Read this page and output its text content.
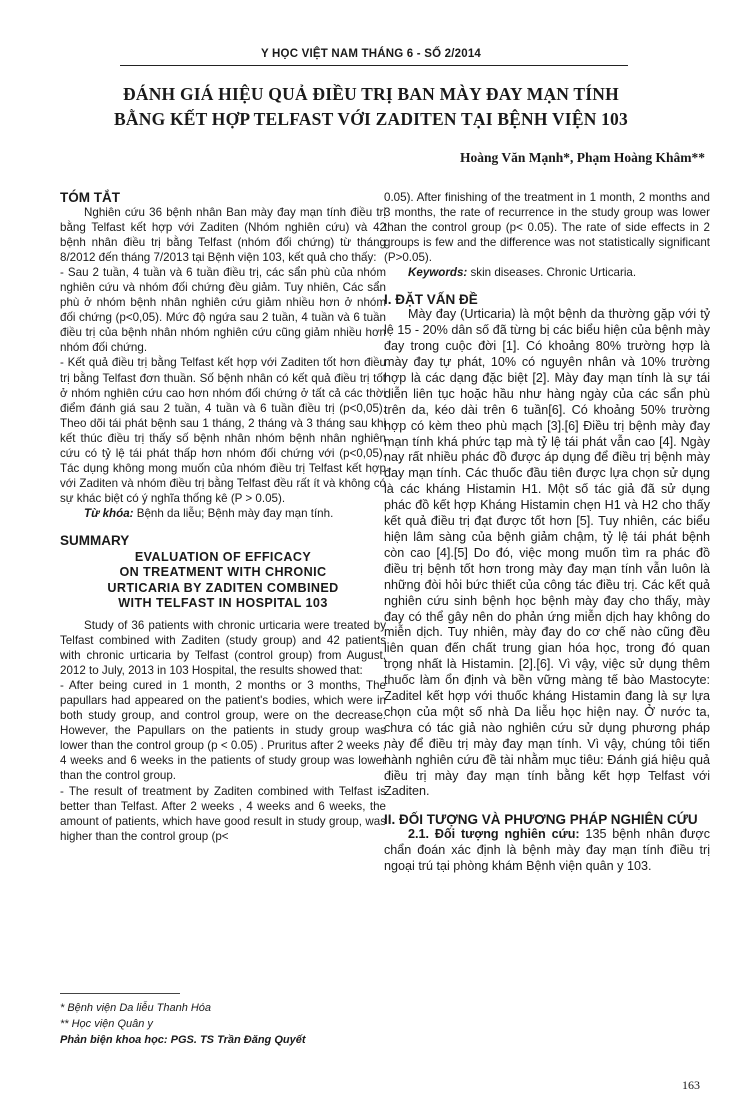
Y HỌC VIỆT NAM THÁNG 6 - SỐ 2/2014
ĐÁNH GIÁ HIỆU QUẢ ĐIỀU TRỊ BAN MÀY ĐAY MẠN TÍNH
BẰNG KẾT HỢP TELFAST VỚI ZADITEN TẠI BỆNH VIỆN 103
Hoàng Văn Mạnh*, Phạm Hoàng Khâm**
TÓM TẮT

Nghiên cứu 36 bệnh nhân Ban mày đay mạn tính điều trị bằng Telfast kết hợp với Zaditen (Nhóm nghiên cứu) và 42 bệnh nhân điều trị bằng Telfast (nhóm đối chứng) từ tháng 8/2012 đến tháng 7/2013 tại Bệnh viện 103, kết quả cho thấy:

- Sau 2 tuần, 4 tuần và 6 tuần điều trị, các sẩn phù của nhóm nghiên cứu và nhóm đối chứng đều giảm. Tuy nhiên, Các sẩn phù ở nhóm bệnh nhân nghiên cứu giảm nhiều hơn ở nhóm đối chứng (p<0,05). Mức độ ngứa sau 2 tuần, 4 tuần và 6 tuần điều trị của bệnh nhân nhóm nghiên cứu cũng giảm nhiều hơn nhóm đối chứng.

- Kết quả điều trị bằng Telfast kết hợp với Zaditen tốt hơn điều trị bằng Telfast đơn thuần. Số bệnh nhân có kết quả điều trị tốt ở nhóm nghiên cứu cao hơn nhóm đối chứng ở tất cả các thời điểm đánh giá sau 2 tuần, 4 tuần và 6 tuần điều trị (p<0,05). Theo dõi tái phát bệnh sau 1 tháng, 2 tháng và 3 tháng sau khi kết thúc điều trị thấy số bệnh nhân nhóm bệnh nhân nghiên cứu có tỷ lệ tái phát thấp hơn nhóm đối chứng với (p<0,05). Tác dụng không mong muốn của nhóm điều trị Telfast kết hợp với Zaditen và nhóm điều trị bằng Telfast đều rất ít và không có sự khác biệt có ý nghĩa thống kê (P > 0.05).

Từ khóa: Bệnh da liễu; Bệnh mày đay mạn tính.

SUMMARY
EVALUATION OF EFFICACY
ON TREATMENT WITH CHRONIC
URTICARIA BY ZADITEN COMBINED
WITH TELFAST IN HOSPITAL 103

Study of 36 patients with chronic urticaria were treated by Telfast combined with Zaditen (study group) and 42 patients with chronic urticaria by Telfast (control group) from August, 2012 to July, 2013 in 103 Hospital, the results showed that:

- After being cured in 1 month, 2 months or 3 months, The papullars had appeared on the patient's bodies, which were in both study group, and control group, were on the decrease. However, the Papullars on the patients in study group was lower than the control group (p < 0.05) . Pruritus after 2 weeks , 4 weeks and 6 weeks in the patients of study group was lower than the control group.

- The result of treatment by Zaditen combined with Telfast is better than Telfast. After 2 weeks , 4 weeks and 6 weeks, the amount of patients, which have good result in study group, was higher than the control group (p<

0.05). After finishing of the treatment in 1 month, 2 months and 3 months, the rate of recurrence in the study group was lower than the control group (p< 0.05). The rate of side effects in 2 groups is few and the difference was not statistically significant (P>0.05).

Keywords: skin diseases. Chronic Urticaria.

I. ĐẶT VẤN ĐỀ

Mày đay (Urticaria) là một bệnh da thường gặp với tỷ lệ 15 - 20% dân số đã từng bị các biểu hiện của bệnh mày đay trong cuộc đời [1]. Có khoảng 80% trường hợp là mày đay tự phát, 10% có nguyên nhân và 10% trường hợp là các dạng đặc biệt [2]. Mày đay mạn tính là sự tái diễn liên tục hoặc hầu như hàng ngày của các sẩn phù trên da, kéo dài trên 6 tuần[6]. Có khoảng 50% trường hợp có kèm theo phù mạch [3].[6] Điều trị bệnh mày đay mạn tính khá phức tạp mà tỷ lệ tái phát vẫn cao [4]. Ngày nay rất nhiều phác đồ được áp dụng để điều trị bệnh mày đay mạn tính. Các thuốc đầu tiên được lựa chọn sử dụng là các kháng Histamin H1. Một số tác giả đã sử dụng phác đồ kết hợp Kháng Histamin chẹn H1 và H2 cho thấy kết quả điều trị đạt được tốt hơn [5]. Tuy nhiên, các biểu hiện lâm sàng của bệnh giảm chậm, tỷ lệ tái phát bệnh còn cao [4].[5] Do đó, việc mong muốn tìm ra phác đồ điều trị bệnh tốt hơn trong mày đay mạn tính vẫn luôn là những đòi hỏi bức thiết của công tác điều trị. Các kết quả nghiên cứu sinh bệnh học bệnh mày đay cho thấy, mày đay có thể gây nên do phản ứng miễn dịch hay không do miễn dịch. Tuy nhiên, mày đay do cơ chế nào cũng đều liên quan đến chất trung gian hóa học, trong đó quan trọng nhất là Histamin. [2].[6]. Vì vậy, việc sử dụng thêm thuốc làm ổn định và bền vững màng tế bào Mastocyte: Zaditel kết hợp với thuốc kháng Histamin đang là sự lựa chọn của một số nhà Da liễu học hiện nay. Ở nước ta, chưa có tác giả nào nghiên cứu sử dụng phương pháp này để điều trị mày đay mạn tính. Vì vậy, chúng tôi tiến hành nghiên cứu đề tài nhằm mục tiêu: Đánh giá hiệu quả điều trị mày đay mạn tính bằng kết hợp Telfast với Zaditen.

II. ĐỐI TƯỢNG VÀ PHƯƠNG PHÁP NGHIÊN CỨU

2.1. Đối tượng nghiên cứu: 135 bệnh nhân được chẩn đoán xác định là bệnh mày đay mạn tính điều trị ngoại trú tại phòng khám Bệnh viện quân y 103.

* Bệnh viện Da liễu Thanh Hóa
** Học viện Quân y
Phản biện khoa học: PGS. TS Trần Đăng Quyết
163
